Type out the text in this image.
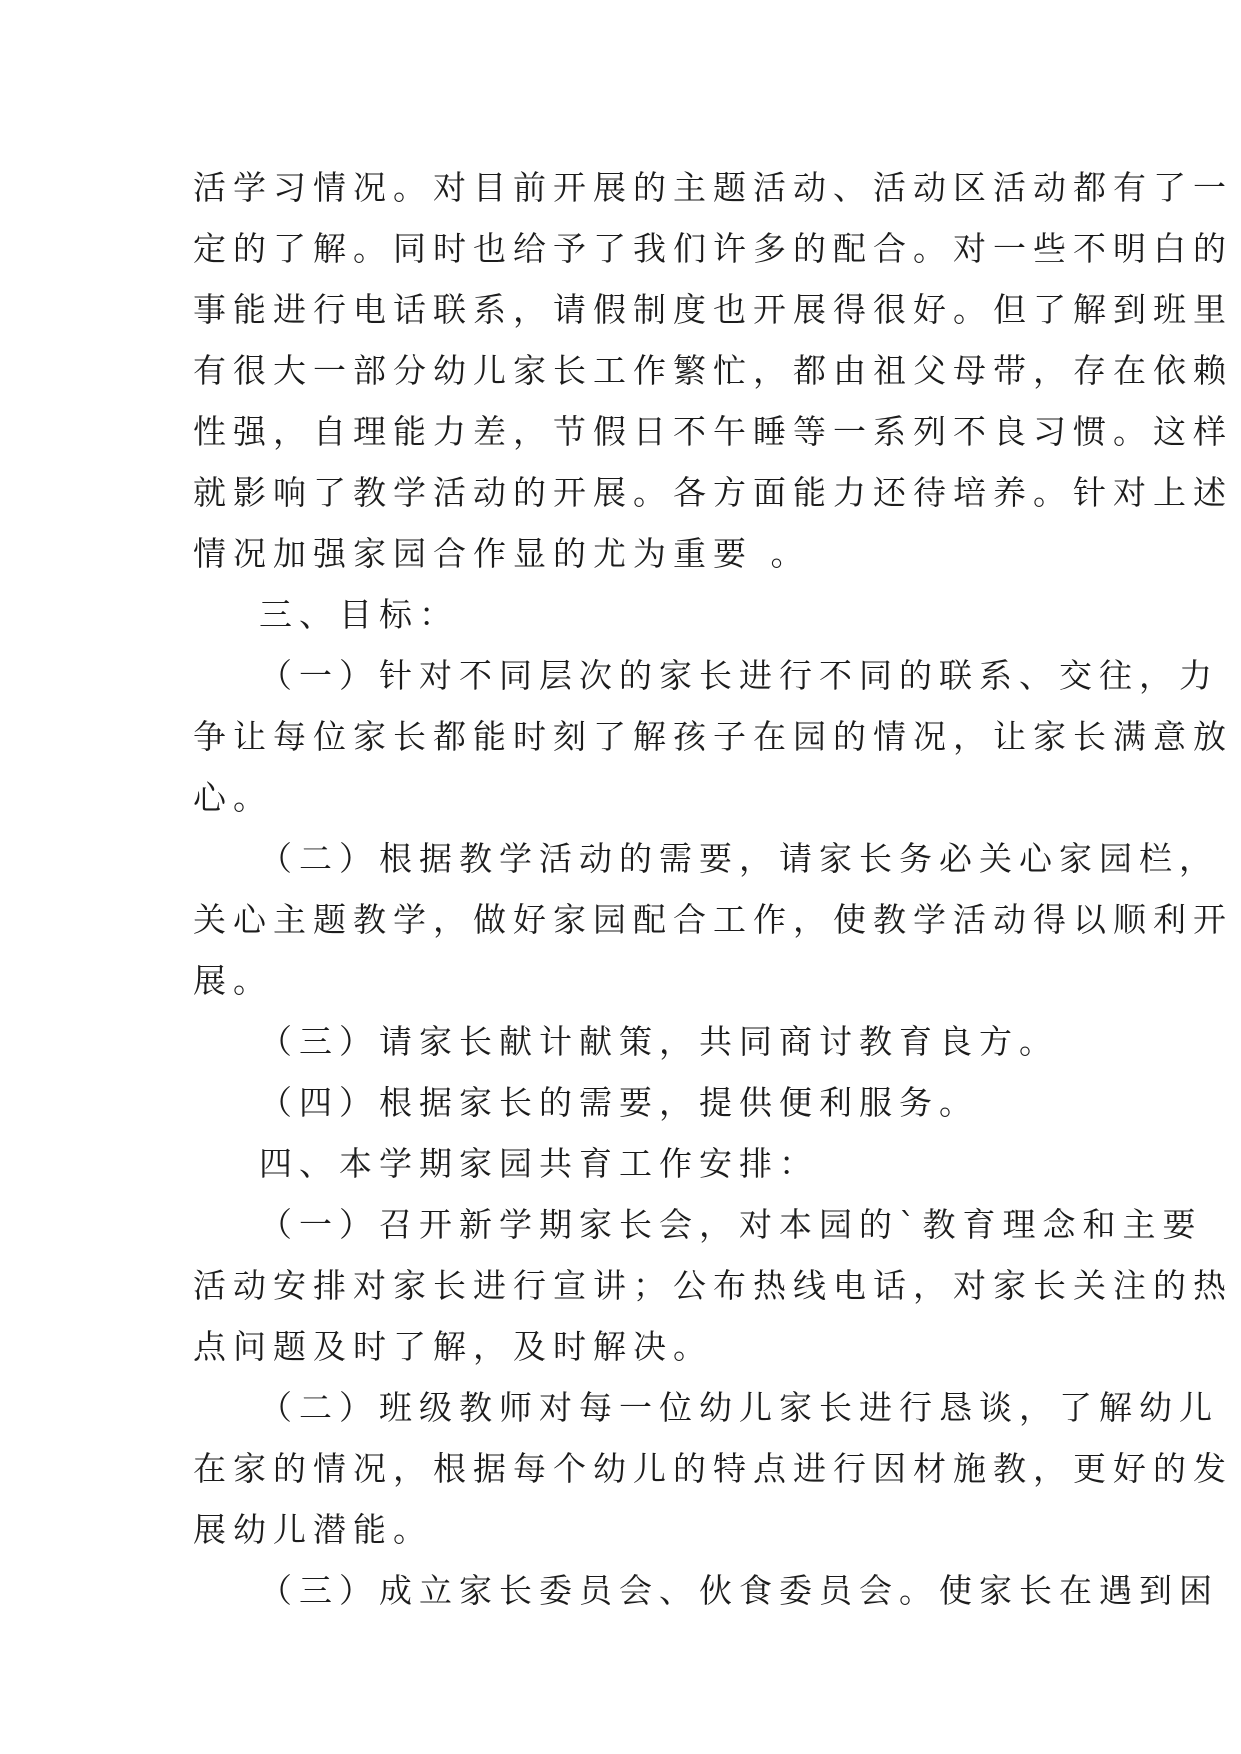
活学习情况。对目前开展的主题活动、活动区活动都有了一
定的了解。同时也给予了我们许多的配合。对一些不明白的
事能进行电话联系，请假制度也开展得很好。但了解到班里
有很大一部分幼儿家长工作繁忙，都由祖父母带，存在依赖
性强，自理能力差，节假日不午睡等一系列不良习惯。这样
就影响了教学活动的开展。各方面能力还待培养。针对上述
情况加强家园合作显的尤为重要 。
三、目标：
（一）针对不同层次的家长进行不同的联系、交往，力
争让每位家长都能时刻了解孩子在园的情况，让家长满意放
心。
（二）根据教学活动的需要，请家长务必关心家园栏，
关心主题教学，做好家园配合工作，使教学活动得以顺利开
展。
（三）请家长献计献策，共同商讨教育良方。
（四）根据家长的需要，提供便利服务。
四、本学期家园共育工作安排：
（一）召开新学期家长会，对本园的`教育理念和主要
活动安排对家长进行宣讲；公布热线电话，对家长关注的热
点问题及时了解，及时解决。
（二）班级教师对每一位幼儿家长进行恳谈，了解幼儿
在家的情况，根据每个幼儿的特点进行因材施教，更好的发
展幼儿潜能。
（三）成立家长委员会、伙食委员会。使家长在遇到困
